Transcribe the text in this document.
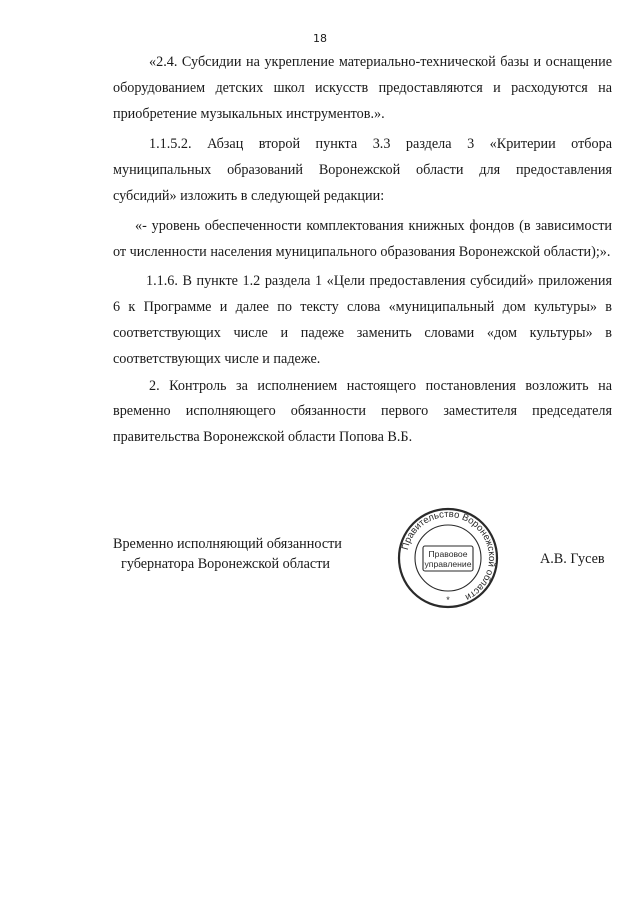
18

«2.4. Субсидии на укрепление материально-технической базы и оснащение оборудованием детских школ искусств предоставляются и расходуются на приобретение музыкальных инструментов.».

1.1.5.2. Абзац второй пункта 3.3 раздела 3 «Критерии отбора муниципальных образований Воронежской области для предоставления субсидий» изложить в следующей редакции:

«- уровень обеспеченности комплектования книжных фондов (в зависимости от численности населения муниципального образования Воронежской области);».

1.1.6. В пункте 1.2 раздела 1 «Цели предоставления субсидий» приложения 6 к Программе и далее по тексту слова «муниципальный дом культуры» в соответствующих числе и падеже заменить словами «дом культуры» в соответствующих числе и падеже.

2. Контроль за исполнением настоящего постановления возложить на временно исполняющего обязанности первого заместителя председателя правительства Воронежской области Попова В.Б.

Временно исполняющий обязанности
губернатора Воронежской области
Правительство Воронежской области
Правовое
управление
*
А.В. Гусев
